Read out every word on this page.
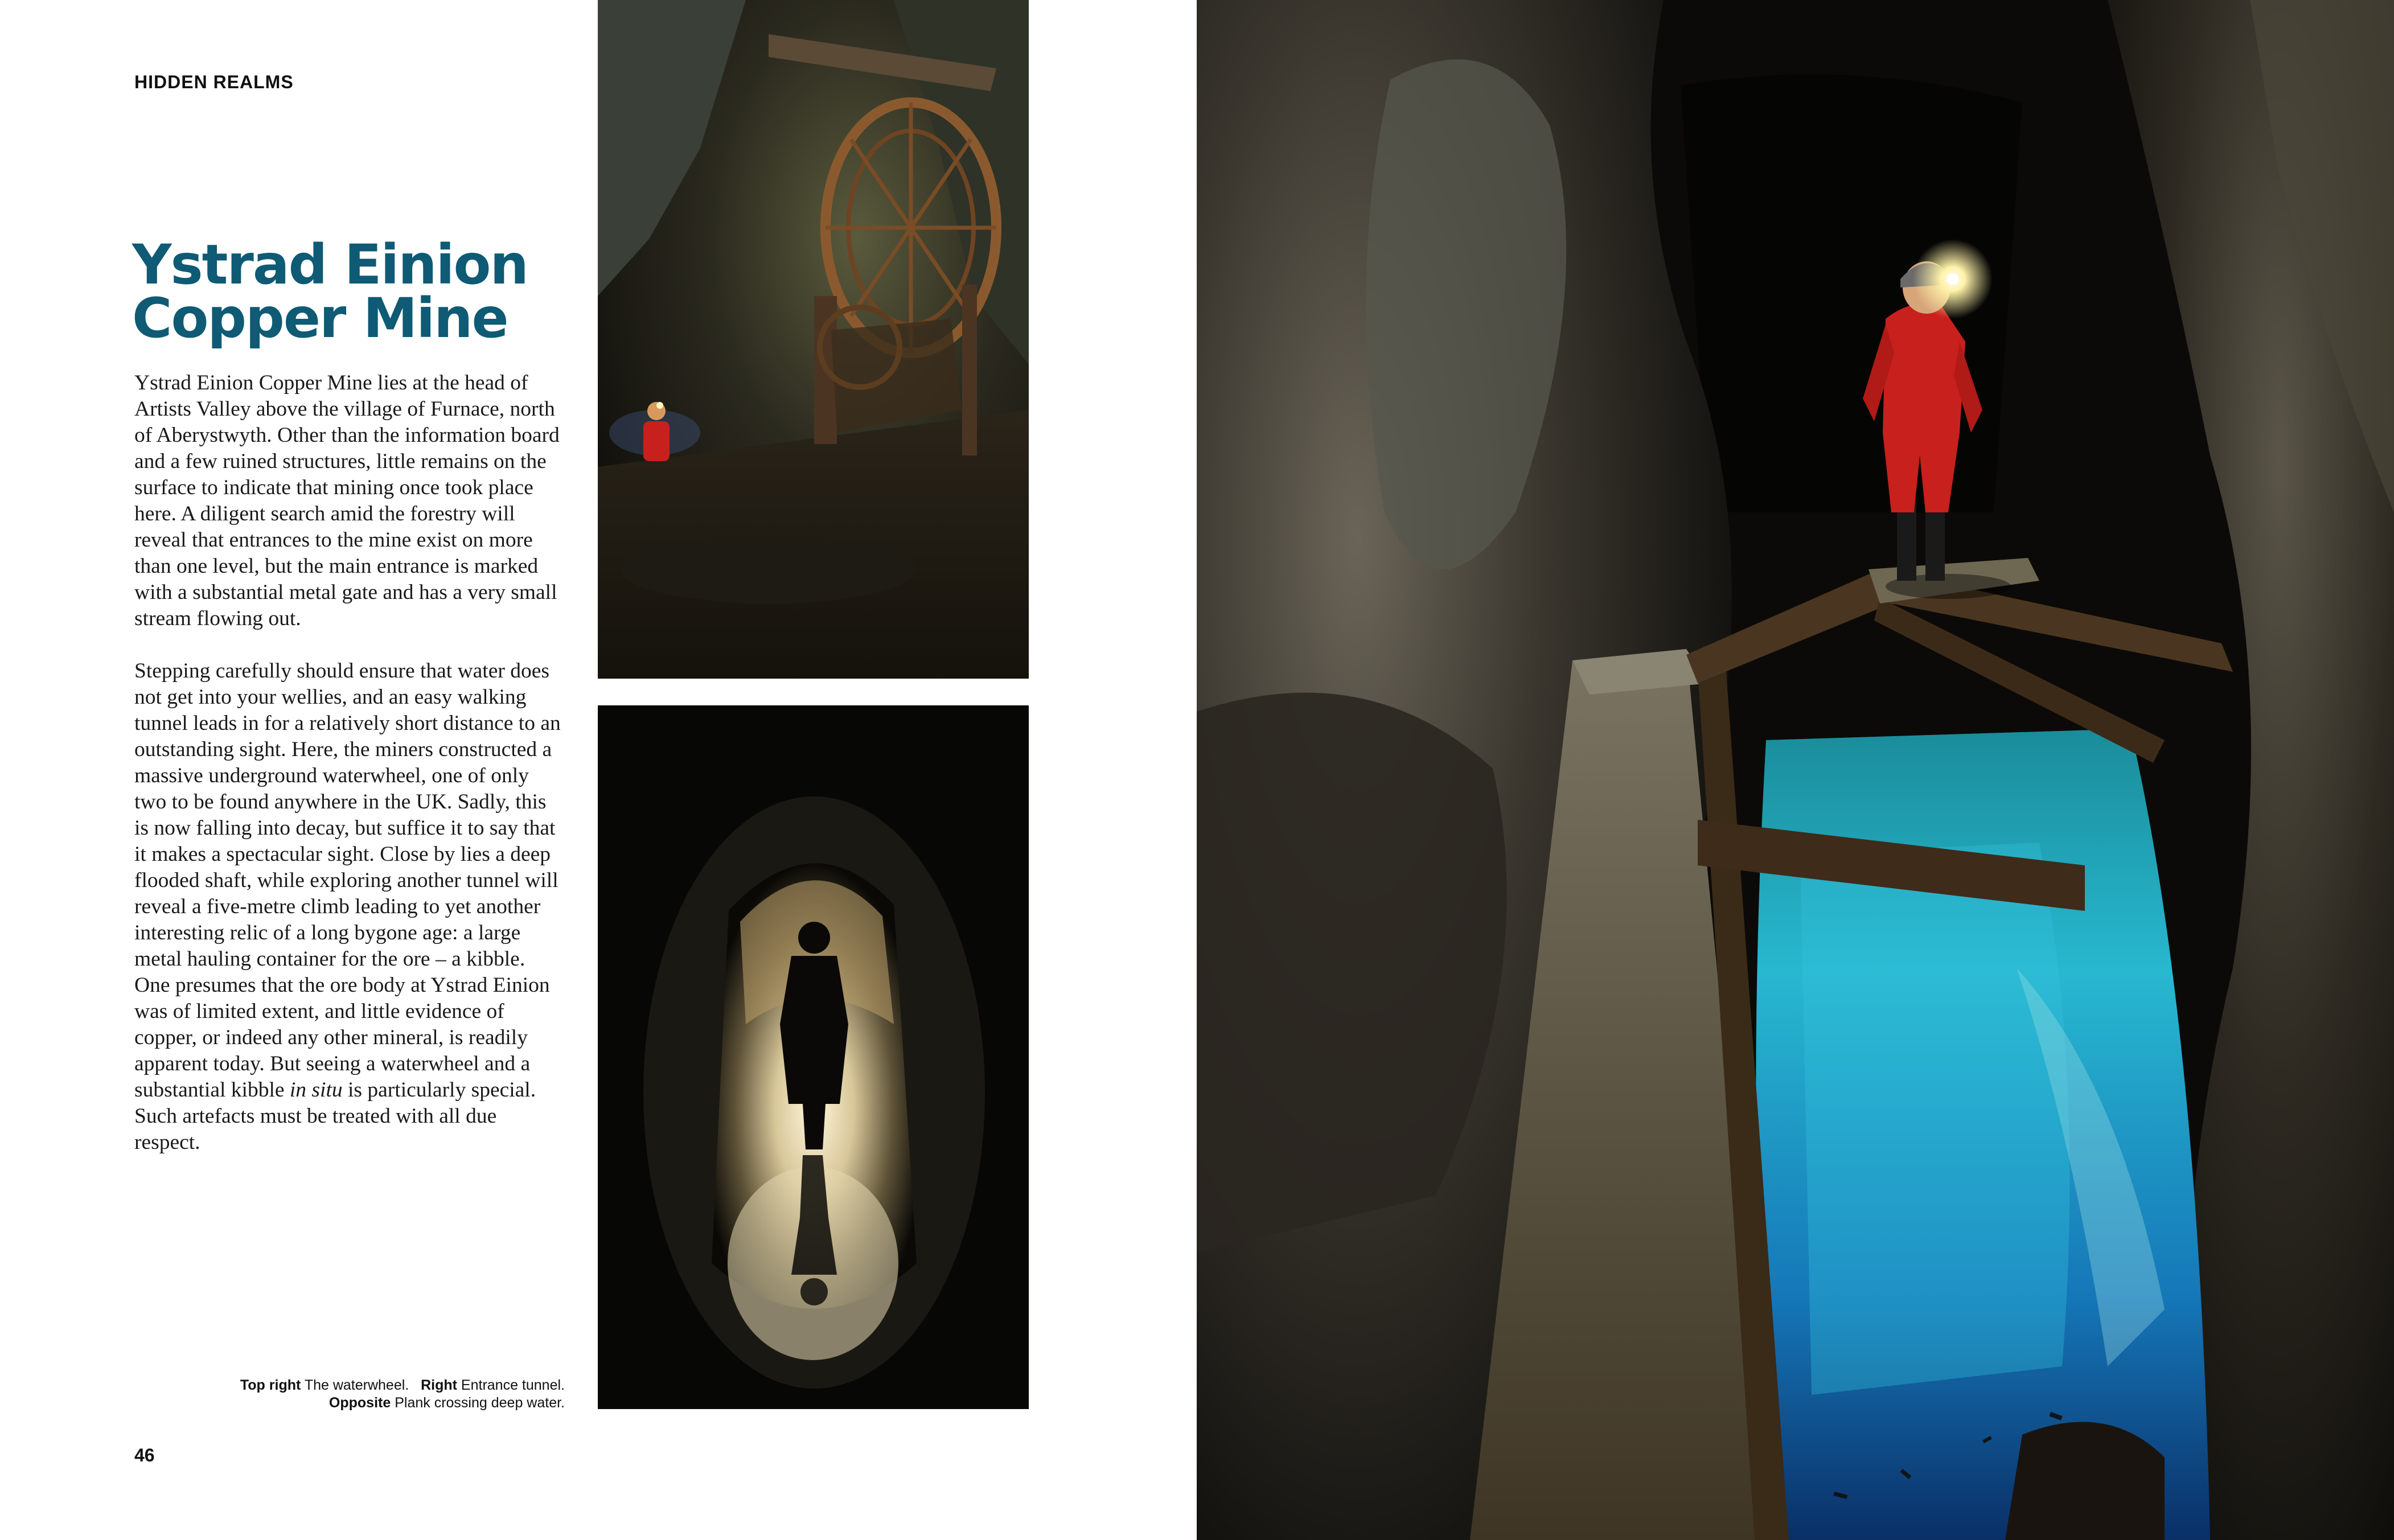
HIDDEN REALMS
Ystrad Einion
Copper Mine

Ystrad Einion Copper Mine lies at the head of Artists Valley above the village of Furnace, north of Aberystwyth. Other than the information board and a few ruined structures, little remains on the surface to indicate that mining once took place here. A diligent search amid the forestry will reveal that entrances to the mine exist on more than one level, but the main entrance is marked with a substantial metal gate and has a very small stream flowing out.

Stepping carefully should ensure that water does not get into your wellies, and an easy walking tunnel leads in for a relatively short distance to an outstanding sight. Here, the miners constructed a massive underground waterwheel, one of only two to be found anywhere in the UK. Sadly, this is now falling into decay, but suffice it to say that it makes a spectacular sight. Close by lies a deep flooded shaft, while exploring another tunnel will reveal a five-metre climb leading to yet another interesting relic of a long bygone age: a large metal hauling container for the ore – a kibble. One presumes that the ore body at Ystrad Einion was of limited extent, and little evidence of copper, or indeed any other mineral, is readily apparent today. But seeing a waterwheel and a substantial kibble in situ is particularly special. Such artefacts must be treated with all due respect.

Top right The waterwheel. Right Entrance tunnel.
Opposite Plank crossing deep water.
46
